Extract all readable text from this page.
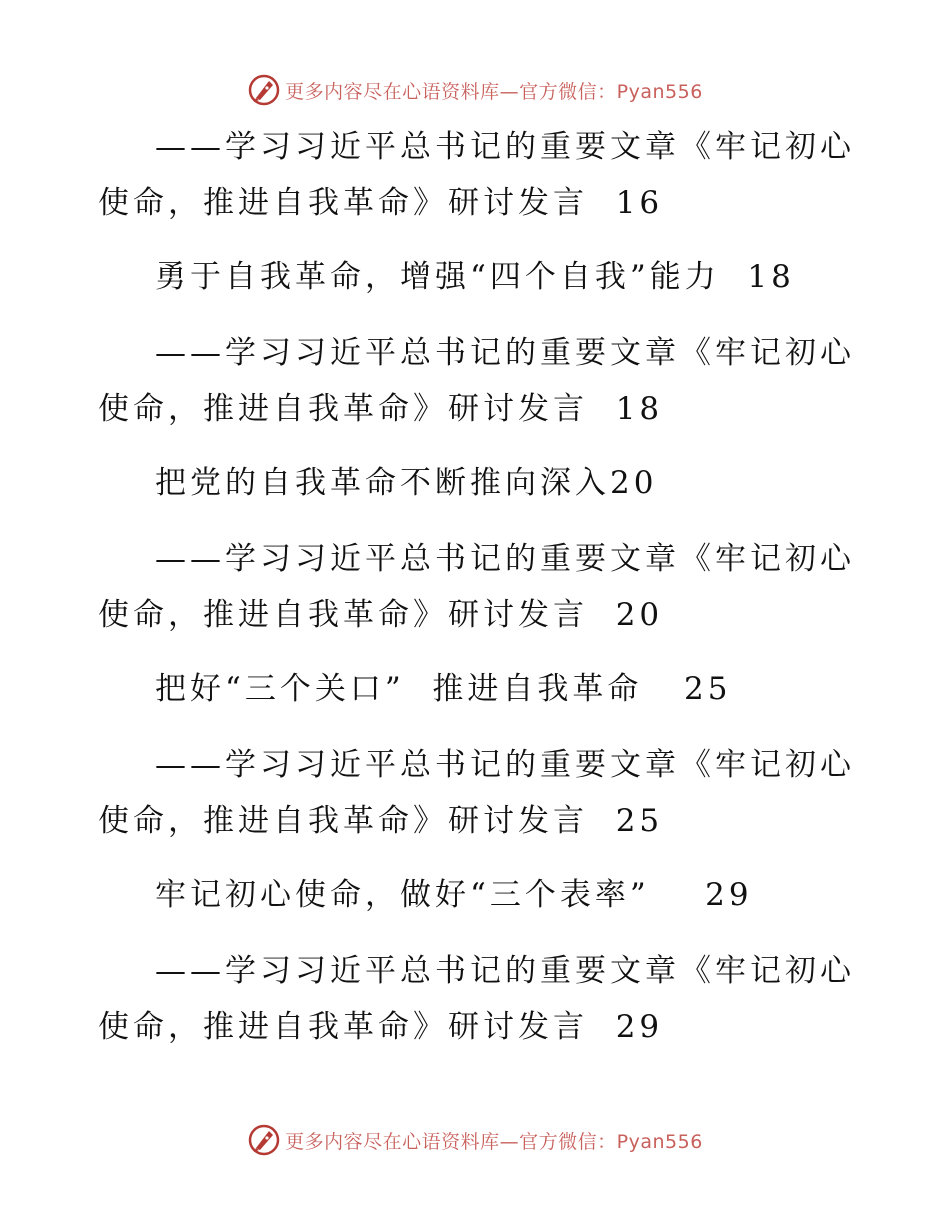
更多内容尽在心语资料库—官方微信：Pyan556
——学习习近平总书记的重要文章《牢记初心
使命，推进自我革命》研讨发言  16
勇于自我革命，增强“四个自我”能力  18
——学习习近平总书记的重要文章《牢记初心
使命，推进自我革命》研讨发言  18
把党的自我革命不断推向深入20
——学习习近平总书记的重要文章《牢记初心
使命，推进自我革命》研讨发言  20
把好“三个关口”  推进自我革命   25
——学习习近平总书记的重要文章《牢记初心
使命，推进自我革命》研讨发言  25
牢记初心使命，做好“三个表率”    29
——学习习近平总书记的重要文章《牢记初心
使命，推进自我革命》研讨发言  29
更多内容尽在心语资料库—官方微信：Pyan556
